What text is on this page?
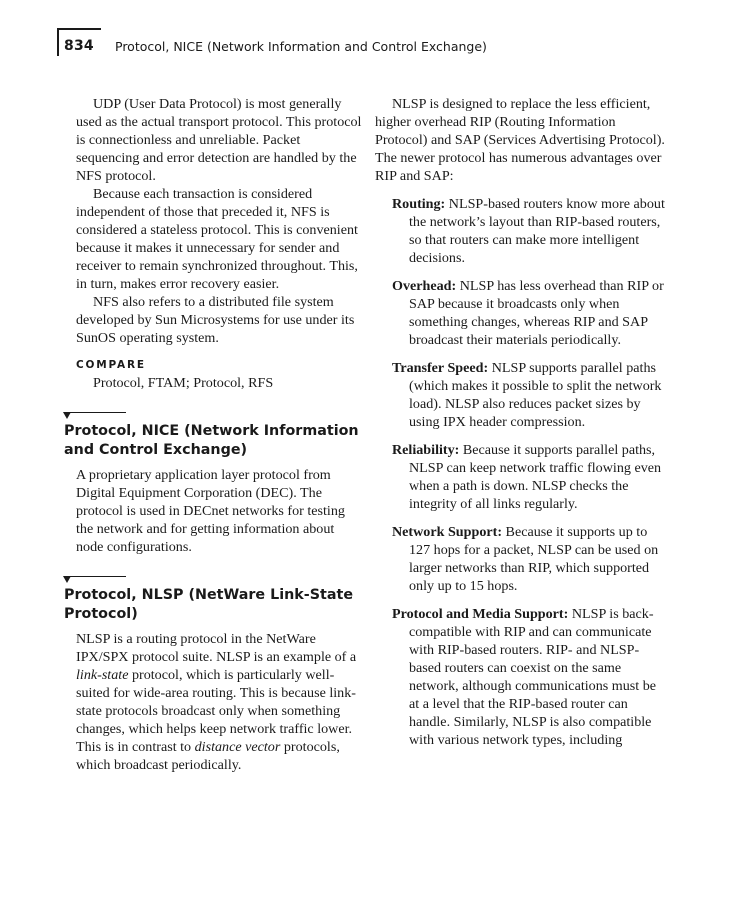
834 Protocol, NICE (Network Information and Control Exchange)

UDP (User Data Protocol) is most generally used as the actual transport protocol. This protocol is connectionless and unreliable. Packet sequencing and error detection are handled by the NFS protocol.

Because each transaction is considered independent of those that preceded it, NFS is considered a stateless protocol. This is convenient because it makes it unnecessary for sender and receiver to remain synchronized throughout. This, in turn, makes error recovery easier.

NFS also refers to a distributed file system developed by Sun Microsystems for use under its SunOS operating system.

COMPARE
Protocol, FTAM; Protocol, RFS
Protocol, NICE (Network Information and Control Exchange)
A proprietary application layer protocol from Digital Equipment Corporation (DEC). The protocol is used in DECnet networks for testing the network and for getting information about node configurations.
Protocol, NLSP (NetWare Link-State Protocol)
NLSP is a routing protocol in the NetWare IPX/SPX protocol suite. NLSP is an example of a link-state protocol, which is particularly well-suited for wide-area routing. This is because link-state protocols broadcast only when something changes, which helps keep network traffic lower. This is in contrast to distance vector protocols, which broadcast periodically.

NLSP is designed to replace the less efficient, higher overhead RIP (Routing Information Protocol) and SAP (Services Advertising Protocol). The newer protocol has numerous advantages over RIP and SAP:

Routing: NLSP-based routers know more about the network’s layout than RIP-based routers, so that routers can make more intelligent decisions.
Overhead: NLSP has less overhead than RIP or SAP because it broadcasts only when something changes, whereas RIP and SAP broadcast their materials periodically.
Transfer Speed: NLSP supports parallel paths (which makes it possible to split the network load). NLSP also reduces packet sizes by using IPX header compression.
Reliability: Because it supports parallel paths, NLSP can keep network traffic flowing even when a path is down. NLSP checks the integrity of all links regularly.
Network Support: Because it supports up to 127 hops for a packet, NLSP can be used on larger networks than RIP, which supported only up to 15 hops.
Protocol and Media Support: NLSP is back-compatible with RIP and can communicate with RIP-based routers. RIP- and NLSP-based routers can coexist on the same network, although communications must be at a level that the RIP-based router can handle. Similarly, NLSP is also compatible with various network types, including
